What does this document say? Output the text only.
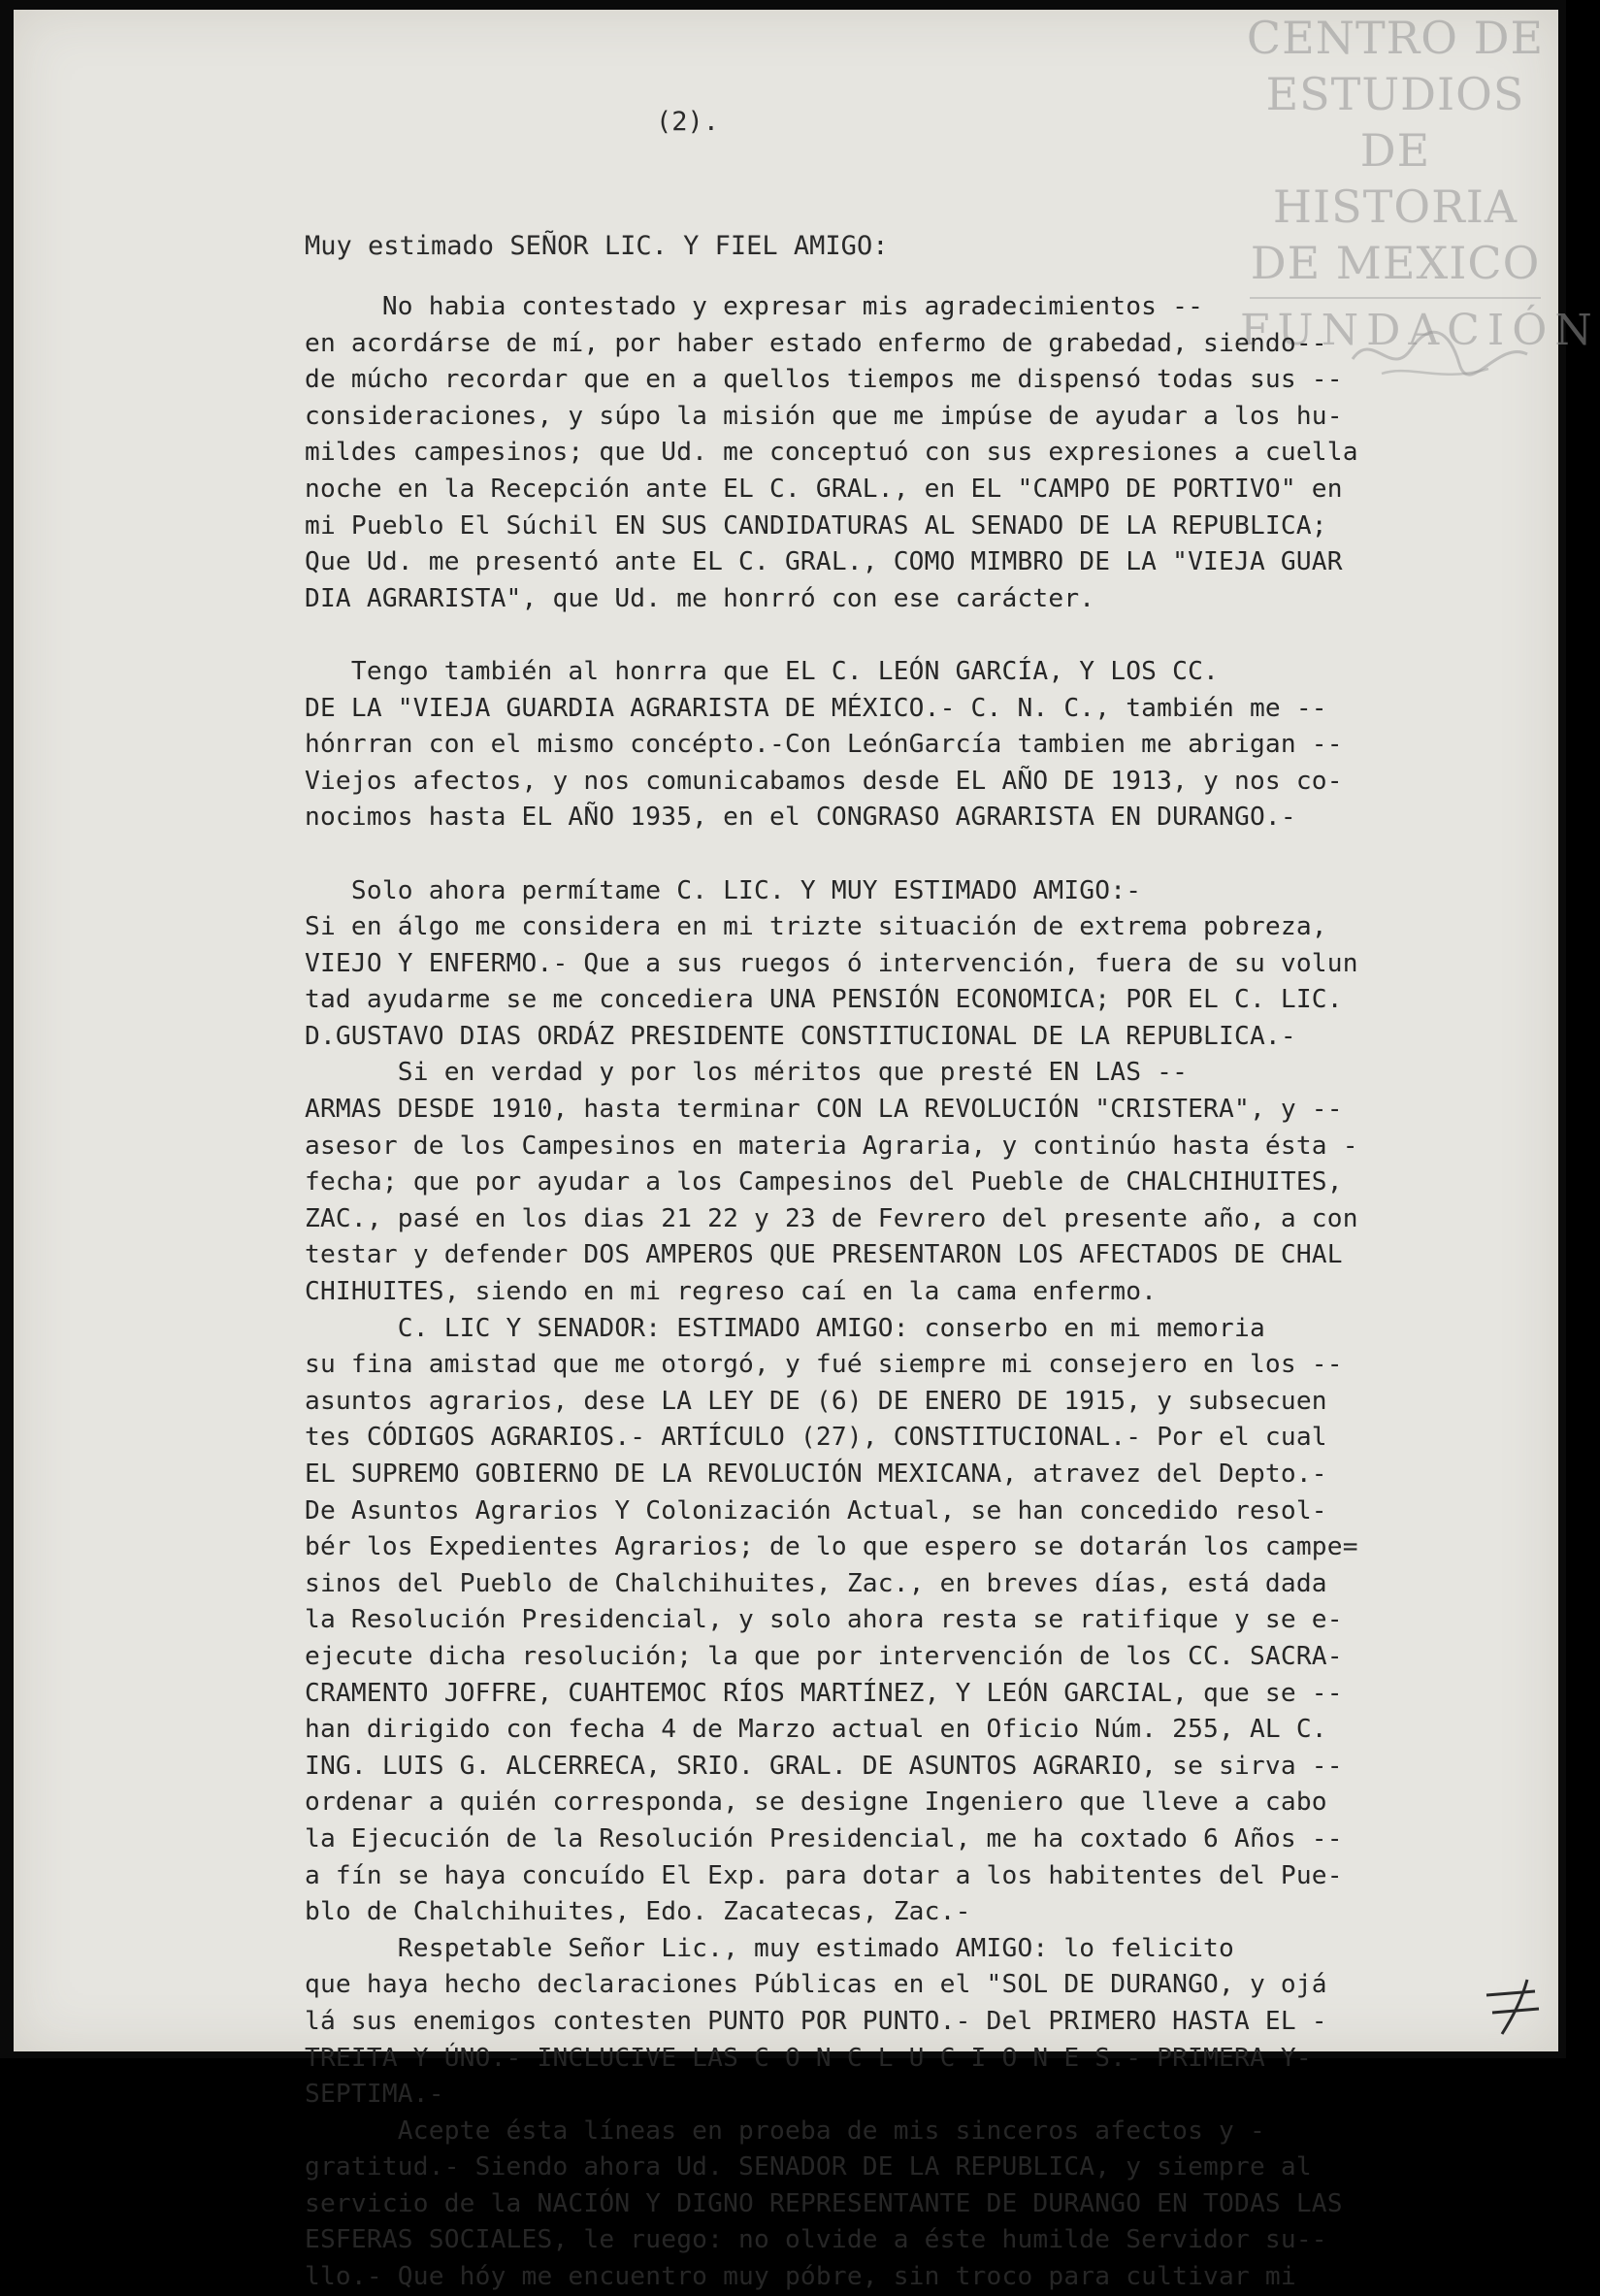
CENTRO DE
ESTUDIOS
DE HISTORIA
DE MEXICO
FUNDACIÓN
(2).
Muy estimado SEÑOR LIC. Y FIEL AMIGO:
No habia contestado y expresar mis agradecimientos --
en acordárse de mí, por haber estado enfermo de grabedad, siendo--
de múcho recordar que en a quellos tiempos me dispensó todas sus --
consideraciones, y súpo la misión que me impúse de ayudar a los hu-
mildes campesinos; que Ud. me conceptuó con sus expresiones a cuella
noche en la Recepción ante EL C. GRAL., en EL "CAMPO DE PORTIVO" en
mi Pueblo El Súchil EN SUS CANDIDATURAS AL SENADO DE LA REPUBLICA;
Que Ud. me presentó ante EL C. GRAL., COMO MIMBRO DE LA "VIEJA GUAR
DIA AGRARISTA", que Ud. me honrró con ese carácter.
Tengo también al honrra que EL C. LEÓN GARCÍA, Y LOS CC.
DE LA "VIEJA GUARDIA AGRARISTA DE MÉXICO.- C. N. C., también me --
hónrran con el mismo concépto.-Con LeónGarcía tambien me abrigan --
Viejos afectos, y nos comunicabamos desde EL AÑO DE 1913, y nos co-
nocimos hasta EL AÑO 1935, en el CONGRASO AGRARISTA EN DURANGO.-
Solo ahora permítame C. LIC. Y MUY ESTIMADO AMIGO:-
Si en álgo me considera en mi trizte situación de extrema pobreza,
VIEJO Y ENFERMO.- Que a sus ruegos ó intervención, fuera de su volun
tad ayudarme se me concediera UNA PENSIÓN ECONOMICA; POR EL C. LIC.
D.GUSTAVO DIAS ORDÁZ PRESIDENTE CONSTITUCIONAL DE LA REPUBLICA.-
Si en verdad y por los méritos que presté EN LAS --
ARMAS DESDE 1910, hasta terminar CON LA REVOLUCIÓN "CRISTERA", y --
asesor de los Campesinos en materia Agraria, y continúo hasta ésta -
fecha; que por ayudar a los Campesinos del Pueble de CHALCHIHUITES,
ZAC., pasé en los dias 21 22 y 23 de Fevrero del presente año, a con
testar y defender DOS AMPEROS QUE PRESENTARON LOS AFECTADOS DE CHAL
CHIHUITES, siendo en mi regreso caí en la cama enfermo.
C. LIC Y SENADOR: ESTIMADO AMIGO: conserbo en mi memoria
su fina amistad que me otorgó, y fué siempre mi consejero en los --
asuntos agrarios, dese LA LEY DE (6) DE ENERO DE 1915, y subsecuen
tes CÓDIGOS AGRARIOS.- ARTÍCULO (27), CONSTITUCIONAL.- Por el cual
EL SUPREMO GOBIERNO DE LA REVOLUCIÓN MEXICANA, atravez del Depto.-
De Asuntos Agrarios Y Colonización Actual, se han concedido resol-
bér los Expedientes Agrarios; de lo que espero se dotarán los campe=
sinos del Pueblo de Chalchihuites, Zac., en breves días, está dada
la Resolución Presidencial, y solo ahora resta se ratifique y se e-
ejecute dicha resolución; la que por intervención de los CC. SACRA-
CRAMENTO JOFFRE, CUAHTEMOC RÍOS MARTÍNEZ, Y LEÓN GARCIAL, que se --
han dirigido con fecha 4 de Marzo actual en Oficio Núm. 255, AL C.
ING. LUIS G. ALCERRECA, SRIO. GRAL. DE ASUNTOS AGRARIO, se sirva --
ordenar a quién corresponda, se designe Ingeniero que lleve a cabo
la Ejecución de la Resolución Presidencial, me ha coxtado 6 Años --
a fín se haya concuído El Exp. para dotar a los habitentes del Pue-
blo de Chalchihuites, Edo. Zacatecas, Zac.-
Respetable Señor Lic., muy estimado AMIGO: lo felicito
que haya hecho declaraciones Públicas en el "SOL DE DURANGO, y ojá
lá sus enemigos contesten PUNTO POR PUNTO.- Del PRIMERO HASTA EL -
TREITA Y ÚNO.- INCLUCIVE LAS C O N C L U C I O N E S.- PRIMERA Y-
SEPTIMA.-
Acepte ésta líneas en proeba de mis sinceros afectos y -
gratitud.- Siendo ahora Ud. SENADOR DE LA REPUBLICA, y siempre al
servicio de la NACIÓN Y DIGNO REPRESENTANTE DE DURANGO EN TODAS LAS
ESFERAS SOCIALES, le ruego: no olvide a éste humilde Servidor su--
llo.- Que hóy me encuentro muy póbre, sin troco para cultivar mi
